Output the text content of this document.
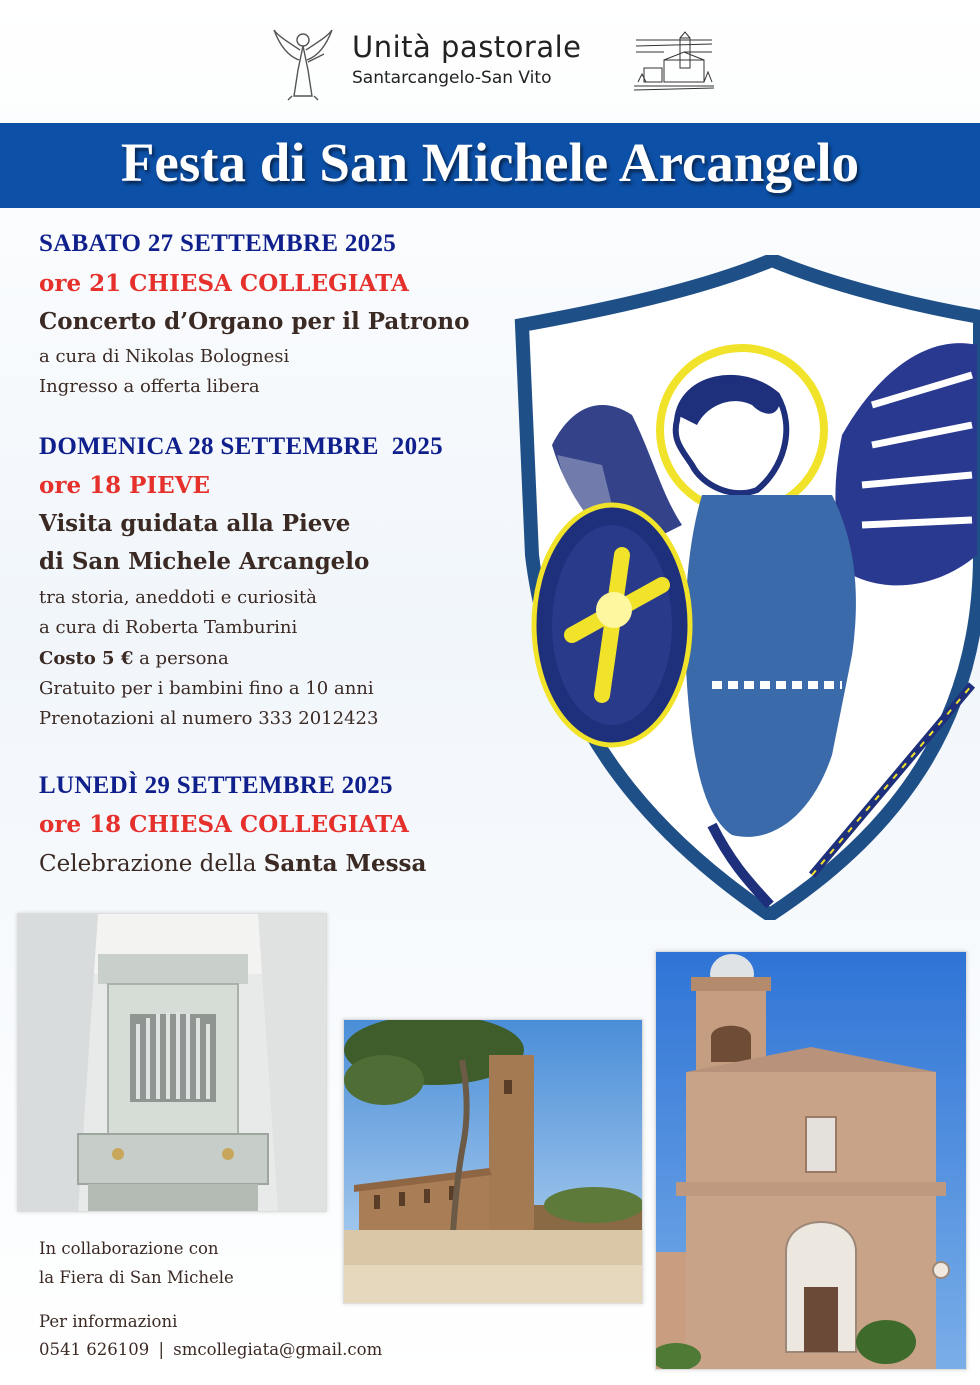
Unità pastorale
Santarcangelo-San Vito
Festa di San Michele Arcangelo
SABATO 27 SETTEMBRE 2025
ore 21 CHIESA COLLEGIATA
Concerto d’Organo per il Patrono
a cura di Nikolas Bolognesi
Ingresso a offerta libera
DOMENICA 28 SETTEMBRE  2025
ore 18 PIEVE
Visita guidata alla Pieve
di San Michele Arcangelo
tra storia, aneddoti e curiosità
a cura di Roberta Tamburini
Costo 5 € a persona
Gratuito per i bambini fino a 10 anni
Prenotazioni al numero 333 2012423
LUNEDÌ 29 SETTEMBRE 2025
ore 18 CHIESA COLLEGIATA
Celebrazione della Santa Messa
In collaborazione con
la Fiera di San Michele
Per informazioni
0541 626109 | smcollegiata@gmail.com
